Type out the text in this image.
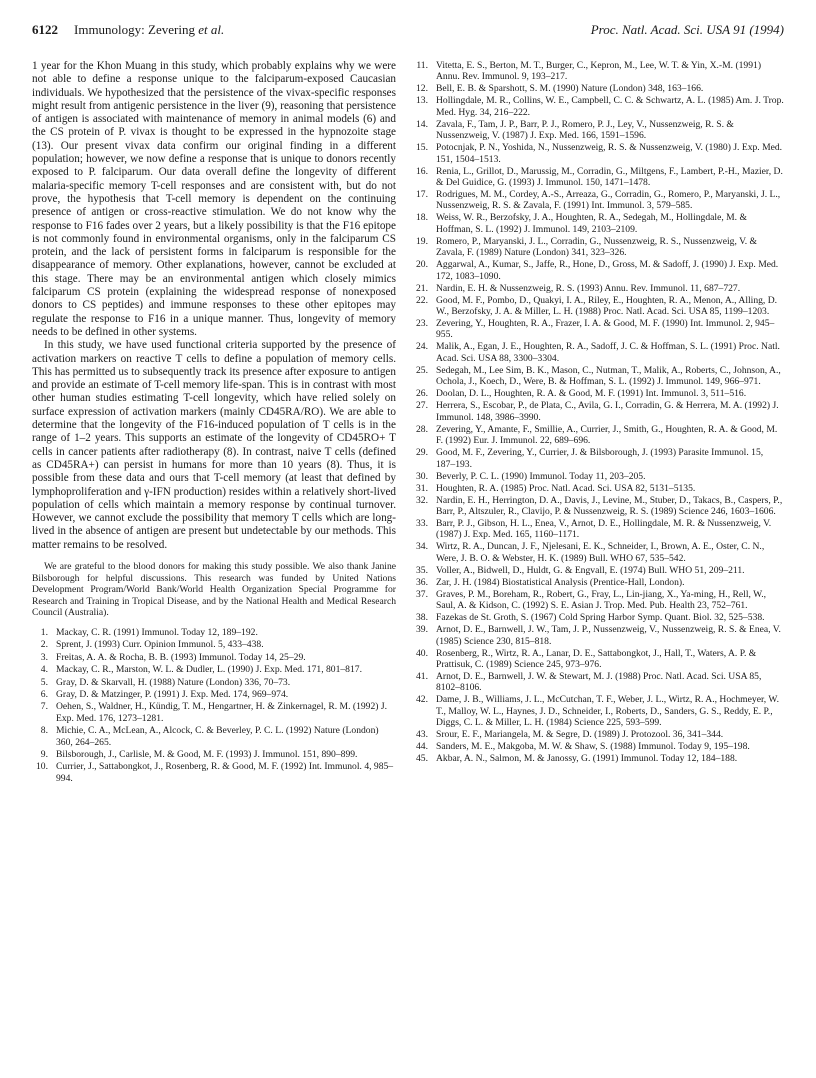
6122 Immunology: Zevering et al.	Proc. Natl. Acad. Sci. USA 91 (1994)

1 year for the Khon Muang in this study, which probably explains why we were not able to define a response unique to the falciparum-exposed Caucasian individuals. We hypothesized that the persistence of the vivax-specific responses might result from antigenic persistence in the liver (9), reasoning that persistence of antigen is associated with maintenance of memory in animal models (6) and the CS protein of P. vivax is thought to be expressed in the hypnozoite stage (13). Our present vivax data confirm our original finding in a different population; however, we now define a response that is unique to donors recently exposed to P. falciparum. Our data overall define the longevity of different malaria-specific memory T-cell responses and are consistent with, but do not prove, the hypothesis that T-cell memory is dependent on the continuing presence of antigen or cross-reactive stimulation. We do not know why the response to F16 fades over 2 years, but a likely possibility is that the F16 epitope is not commonly found in environmental organisms, only in the falciparum CS protein, and the lack of persistent forms in falciparum is responsible for the disappearance of memory. Other explanations, however, cannot be excluded at this stage. There may be an environmental antigen which closely mimics falciparum CS protein (explaining the widespread response of nonexposed donors to CS peptides) and immune responses to these other epitopes may regulate the response to F16 in a unique manner. Thus, longevity of memory needs to be defined in other systems.

In this study, we have used functional criteria supported by the presence of activation markers on reactive T cells to define a population of memory cells. This has permitted us to subsequently track its presence after exposure to antigen and provide an estimate of T-cell memory life-span. This is in contrast with most other human studies estimating T-cell longevity, which have relied solely on surface expression of activation markers (mainly CD45RA/RO). We are able to determine that the longevity of the F16-induced population of T cells is in the range of 1–2 years. This supports an estimate of the longevity of CD45RO+ T cells in cancer patients after radiotherapy (8). In contrast, naive T cells (defined as CD45RA+) can persist in humans for more than 10 years (8). Thus, it is possible from these data and ours that T-cell memory (at least that defined by lymphoproliferation and γ-IFN production) resides within a relatively short-lived population of cells which maintain a memory response by continual turnover. However, we cannot exclude the possibility that memory T cells which are long-lived in the absence of antigen are present but undetectable by our methods. This matter remains to be resolved.

We are grateful to the blood donors for making this study possible. We also thank Janine Bilsborough for helpful discussions. This research was funded by United Nations Development Program/World Bank/World Health Organization Special Programme for Research and Training in Tropical Disease, and by the National Health and Medical Research Council (Australia).

1. Mackay, C. R. (1991) Immunol. Today 12, 189–192.
2. Sprent, J. (1993) Curr. Opinion Immunol. 5, 433–438.
3. Freitas, A. A. & Rocha, B. B. (1993) Immunol. Today 14, 25–29.
4. Mackay, C. R., Marston, W. L. & Dudler, L. (1990) J. Exp. Med. 171, 801–817.
5. Gray, D. & Skarvall, H. (1988) Nature (London) 336, 70–73.
6. Gray, D. & Matzinger, P. (1991) J. Exp. Med. 174, 969–974.
7. Oehen, S., Waldner, H., Kündig, T. M., Hengartner, H. & Zinkernagel, R. M. (1992) J. Exp. Med. 176, 1273–1281.
8. Michie, C. A., McLean, A., Alcock, C. & Beverley, P. C. L. (1992) Nature (London) 360, 264–265.
9. Bilsborough, J., Carlisle, M. & Good, M. F. (1993) J. Immunol. 151, 890–899.
10. Currier, J., Sattabongkot, J., Rosenberg, R. & Good, M. F. (1992) Int. Immunol. 4, 985–994.
11. Vitetta, E. S., Berton, M. T., Burger, C., Kepron, M., Lee, W. T. & Yin, X.-M. (1991) Annu. Rev. Immunol. 9, 193–217.
12. Bell, E. B. & Sparshott, S. M. (1990) Nature (London) 348, 163–166.
13. Hollingdale, M. R., Collins, W. E., Campbell, C. C. & Schwartz, A. L. (1985) Am. J. Trop. Med. Hyg. 34, 216–222.
14. Zavala, F., Tam, J. P., Barr, P. J., Romero, P. J., Ley, V., Nussenzweig, R. S. & Nussenzweig, V. (1987) J. Exp. Med. 166, 1591–1596.
15. Potocnjak, P. N., Yoshida, N., Nussenzweig, R. S. & Nussenzweig, V. (1980) J. Exp. Med. 151, 1504–1513.
16. Renia, L., Grillot, D., Marussig, M., Corradin, G., Miltgens, F., Lambert, P.-H., Mazier, D. & Del Guidice, G. (1993) J. Immunol. 150, 1471–1478.
17. Rodrigues, M. M., Cordey, A.-S., Arreaza, G., Corradin, G., Romero, P., Maryanski, J. L., Nussenzweig, R. S. & Zavala, F. (1991) Int. Immunol. 3, 579–585.
18. Weiss, W. R., Berzofsky, J. A., Houghten, R. A., Sedegah, M., Hollingdale, M. & Hoffman, S. L. (1992) J. Immunol. 149, 2103–2109.
19. Romero, P., Maryanski, J. L., Corradin, G., Nussenzweig, R. S., Nussenzweig, V. & Zavala, F. (1989) Nature (London) 341, 323–326.
20. Aggarwal, A., Kumar, S., Jaffe, R., Hone, D., Gross, M. & Sadoff, J. (1990) J. Exp. Med. 172, 1083–1090.
21. Nardin, E. H. & Nussenzweig, R. S. (1993) Annu. Rev. Immunol. 11, 687–727.
22. Good, M. F., Pombo, D., Quakyi, I. A., Riley, E., Houghten, R. A., Menon, A., Alling, D. W., Berzofsky, J. A. & Miller, L. H. (1988) Proc. Natl. Acad. Sci. USA 85, 1199–1203.
23. Zevering, Y., Houghten, R. A., Frazer, I. A. & Good, M. F. (1990) Int. Immunol. 2, 945–955.
24. Malik, A., Egan, J. E., Houghten, R. A., Sadoff, J. C. & Hoffman, S. L. (1991) Proc. Natl. Acad. Sci. USA 88, 3300–3304.
25. Sedegah, M., Lee Sim, B. K., Mason, C., Nutman, T., Malik, A., Roberts, C., Johnson, A., Ochola, J., Koech, D., Were, B. & Hoffman, S. L. (1992) J. Immunol. 149, 966–971.
26. Doolan, D. L., Houghten, R. A. & Good, M. F. (1991) Int. Immunol. 3, 511–516.
27. Herrera, S., Escobar, P., de Plata, C., Avila, G. I., Corradin, G. & Herrera, M. A. (1992) J. Immunol. 148, 3986–3990.
28. Zevering, Y., Amante, F., Smillie, A., Currier, J., Smith, G., Houghten, R. A. & Good, M. F. (1992) Eur. J. Immunol. 22, 689–696.
29. Good, M. F., Zevering, Y., Currier, J. & Bilsborough, J. (1993) Parasite Immunol. 15, 187–193.
30. Beverly, P. C. L. (1990) Immunol. Today 11, 203–205.
31. Houghten, R. A. (1985) Proc. Natl. Acad. Sci. USA 82, 5131–5135.
32. Nardin, E. H., Herrington, D. A., Davis, J., Levine, M., Stuber, D., Takacs, B., Caspers, P., Barr, P., Altszuler, R., Clavijo, P. & Nussenzweig, R. S. (1989) Science 246, 1603–1606.
33. Barr, P. J., Gibson, H. L., Enea, V., Arnot, D. E., Hollingdale, M. R. & Nussenzweig, V. (1987) J. Exp. Med. 165, 1160–1171.
34. Wirtz, R. A., Duncan, J. F., Njelesani, E. K., Schneider, I., Brown, A. E., Oster, C. N., Were, J. B. O. & Webster, H. K. (1989) Bull. WHO 67, 535–542.
35. Voller, A., Bidwell, D., Huldt, G. & Engvall, E. (1974) Bull. WHO 51, 209–211.
36. Zar, J. H. (1984) Biostatistical Analysis (Prentice-Hall, London).
37. Graves, P. M., Boreham, R., Robert, G., Fray, L., Lin-jiang, X., Ya-ming, H., Rell, W., Saul, A. & Kidson, C. (1992) S. E. Asian J. Trop. Med. Pub. Health 23, 752–761.
38. Fazekas de St. Groth, S. (1967) Cold Spring Harbor Symp. Quant. Biol. 32, 525–538.
39. Arnot, D. E., Barnwell, J. W., Tam, J. P., Nussenzweig, V., Nussenzweig, R. S. & Enea, V. (1985) Science 230, 815–818.
40. Rosenberg, R., Wirtz, R. A., Lanar, D. E., Sattabongkot, J., Hall, T., Waters, A. P. & Prattisuk, C. (1989) Science 245, 973–976.
41. Arnot, D. E., Barnwell, J. W. & Stewart, M. J. (1988) Proc. Natl. Acad. Sci. USA 85, 8102–8106.
42. Dame, J. B., Williams, J. L., McCutchan, T. F., Weber, J. L., Wirtz, R. A., Hochmeyer, W. T., Malloy, W. L., Haynes, J. D., Schneider, I., Roberts, D., Sanders, G. S., Reddy, E. P., Diggs, C. L. & Miller, L. H. (1984) Science 225, 593–599.
43. Srour, E. F., Mariangela, M. & Segre, D. (1989) J. Protozool. 36, 341–344.
44. Sanders, M. E., Makgoba, M. W. & Shaw, S. (1988) Immunol. Today 9, 195–198.
45. Akbar, A. N., Salmon, M. & Janossy, G. (1991) Immunol. Today 12, 184–188.
